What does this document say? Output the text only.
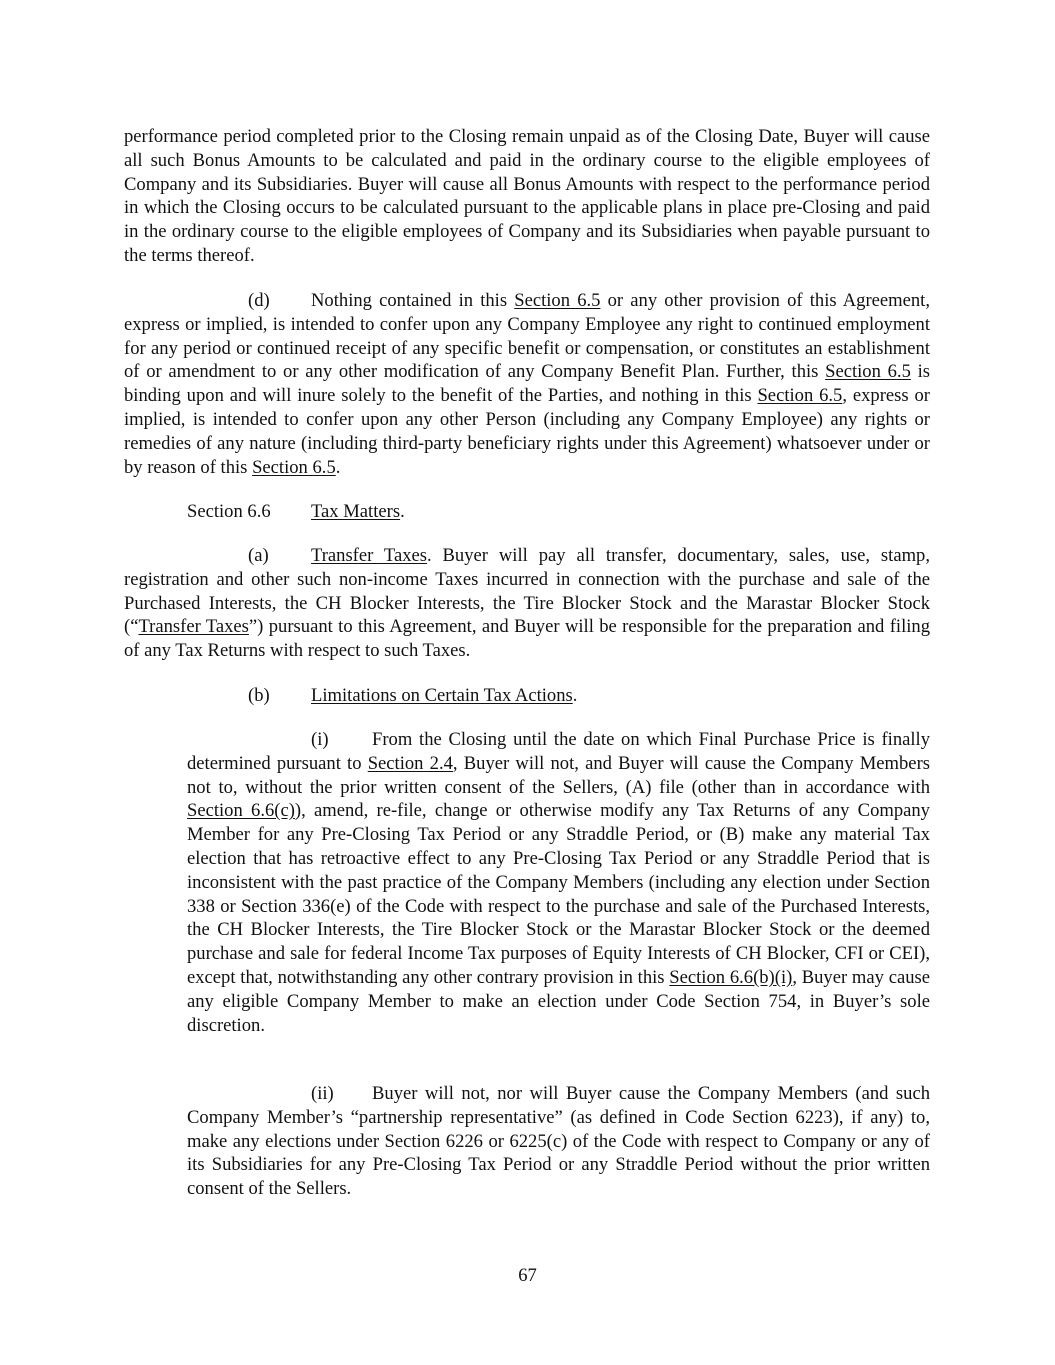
performance period completed prior to the Closing remain unpaid as of the Closing Date, Buyer will cause all such Bonus Amounts to be calculated and paid in the ordinary course to the eligible employees of Company and its Subsidiaries. Buyer will cause all Bonus Amounts with respect to the performance period in which the Closing occurs to be calculated pursuant to the applicable plans in place pre-Closing and paid in the ordinary course to the eligible employees of Company and its Subsidiaries when payable pursuant to the terms thereof.

(d) Nothing contained in this Section 6.5 or any other provision of this Agreement, express or implied, is intended to confer upon any Company Employee any right to continued employment for any period or continued receipt of any specific benefit or compensation, or constitutes an establishment of or amendment to or any other modification of any Company Benefit Plan. Further, this Section 6.5 is binding upon and will inure solely to the benefit of the Parties, and nothing in this Section 6.5, express or implied, is intended to confer upon any other Person (including any Company Employee) any rights or remedies of any nature (including third-party beneficiary rights under this Agreement) whatsoever under or by reason of this Section 6.5.

Section 6.6 Tax Matters.

(a) Transfer Taxes. Buyer will pay all transfer, documentary, sales, use, stamp, registration and other such non-income Taxes incurred in connection with the purchase and sale of the Purchased Interests, the CH Blocker Interests, the Tire Blocker Stock and the Marastar Blocker Stock (“Transfer Taxes”) pursuant to this Agreement, and Buyer will be responsible for the preparation and filing of any Tax Returns with respect to such Taxes.

(b) Limitations on Certain Tax Actions.

(i) From the Closing until the date on which Final Purchase Price is finally determined pursuant to Section 2.4, Buyer will not, and Buyer will cause the Company Members not to, without the prior written consent of the Sellers, (A) file (other than in accordance with Section 6.6(c)), amend, re-file, change or otherwise modify any Tax Returns of any Company Member for any Pre-Closing Tax Period or any Straddle Period, or (B) make any material Tax election that has retroactive effect to any Pre-Closing Tax Period or any Straddle Period that is inconsistent with the past practice of the Company Members (including any election under Section 338 or Section 336(e) of the Code with respect to the purchase and sale of the Purchased Interests, the CH Blocker Interests, the Tire Blocker Stock or the Marastar Blocker Stock or the deemed purchase and sale for federal Income Tax purposes of Equity Interests of CH Blocker, CFI or CEI), except that, notwithstanding any other contrary provision in this Section 6.6(b)(i), Buyer may cause any eligible Company Member to make an election under Code Section 754, in Buyer’s sole discretion.

(ii) Buyer will not, nor will Buyer cause the Company Members (and such Company Member’s “partnership representative” (as defined in Code Section 6223), if any) to, make any elections under Section 6226 or 6225(c) of the Code with respect to Company or any of its Subsidiaries for any Pre-Closing Tax Period or any Straddle Period without the prior written consent of the Sellers.

67
